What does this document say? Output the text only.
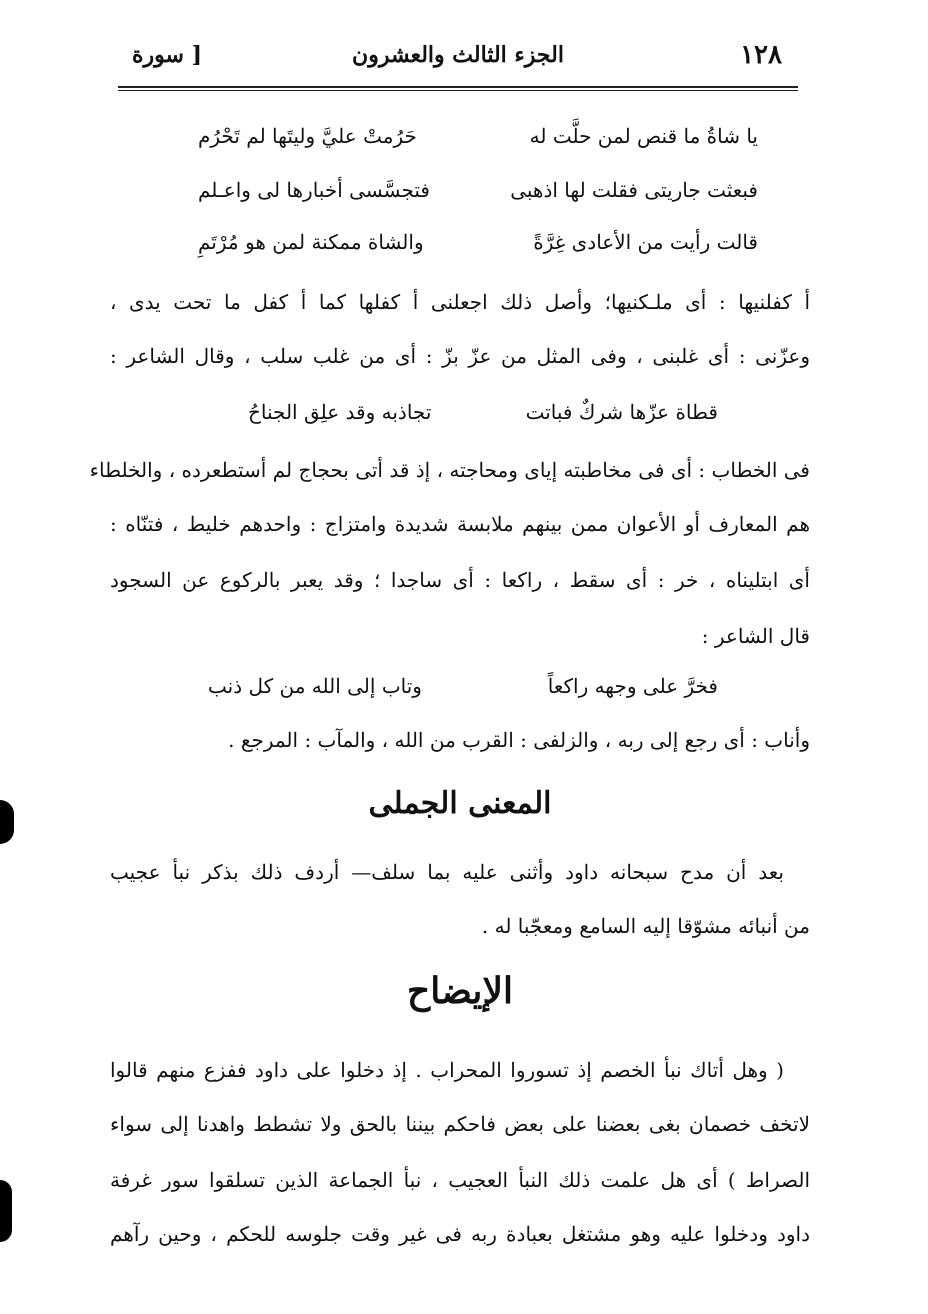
١٢٨
الجزء الثالث والعشرون
[ سورة
يا شاةُ ما قنص لمن حلَّت له
حَرُمتْ عليَّ وليتَها لم تَحْرُم
فبعثت جاريتى فقلت لها اذهبى
فتجسَّسى أخبارها لى واعـلم
قالت رأيت من الأعادى غِرَّةً
والشاة ممكنة لمن هو مُرْتَمِ
أ كفلنيها : أى ملـكنيها؛ وأصل ذلك اجعلنى أ كفلها كما أ كفل ما تحت يدى ،
وعزّنى : أى غلبنى ، وفى المثل من عزّ بزّ : أى من غلب سلب ، وقال الشاعر :
قطاة عزّها شركٌ فباتت
تجاذبه وقد علِق الجناحُ
فى الخطاب : أى فى مخاطبته إياى ومحاجته ، إذ قد أتى بحجاج لم أستطعرده ، والخلطاء
هم المعارف أو الأعوان ممن بينهم ملابسة شديدة وامتزاج : واحدهم خليط ، فتنّاه :
أى ابتليناه ، خر : أى سقط ، راكعا : أى ساجدا ؛ وقد يعبر بالركوع عن السجود
قال الشاعر :
فخرَّ على وجهه راكعاً
وتاب إلى الله من كل ذنب
وأناب : أى رجع إلى ربه ، والزلفى : القرب من الله ، والمآب : المرجع .
المعنى الجملى
بعد أن مدح سبحانه داود وأثنى عليه بما سلف— أردف ذلك بذكر نبأ عجيب
من أنبائه مشوّقا إليه السامع ومعجّبا له .
الإيضاح
( وهل أتاك نبأ الخصم إذ تسوروا المحراب . إذ دخلوا على داود ففزع منهم قالوا
لاتخف خصمان بغى بعضنا على بعض فاحكم بيننا بالحق ولا تشطط واهدنا إلى سواء
الصراط ) أى هل علمت ذلك النبأ العجيب ، نبأ الجماعة الذين تسلقوا سور غرفة
داود ودخلوا عليه وهو مشتغل بعبادة ربه فى غير وقت جلوسه للحكم ، وحين رآهم
